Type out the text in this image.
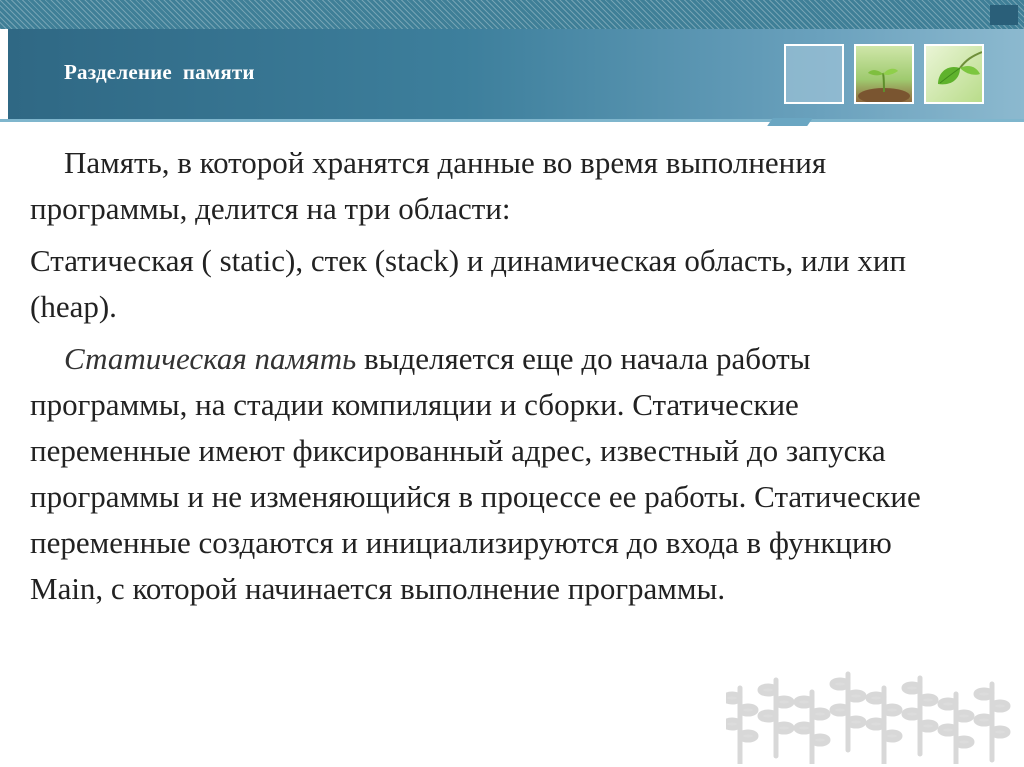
Разделение  памяти

Память, в которой хранятся данные во время выполнения программы, делится на три области:

Статическая ( static), стек (stack) и динамическая область, или хип (heap).

Статическая память выделяется еще до начала работы программы, на стадии компиляции и сборки. Статические переменные имеют фиксированный адрес, известный до запуска программы и не изменяющийся в процессе ее работы. Статические переменные создаются и инициализируются до входа в функцию Main, с которой начинается выполнение программы.
